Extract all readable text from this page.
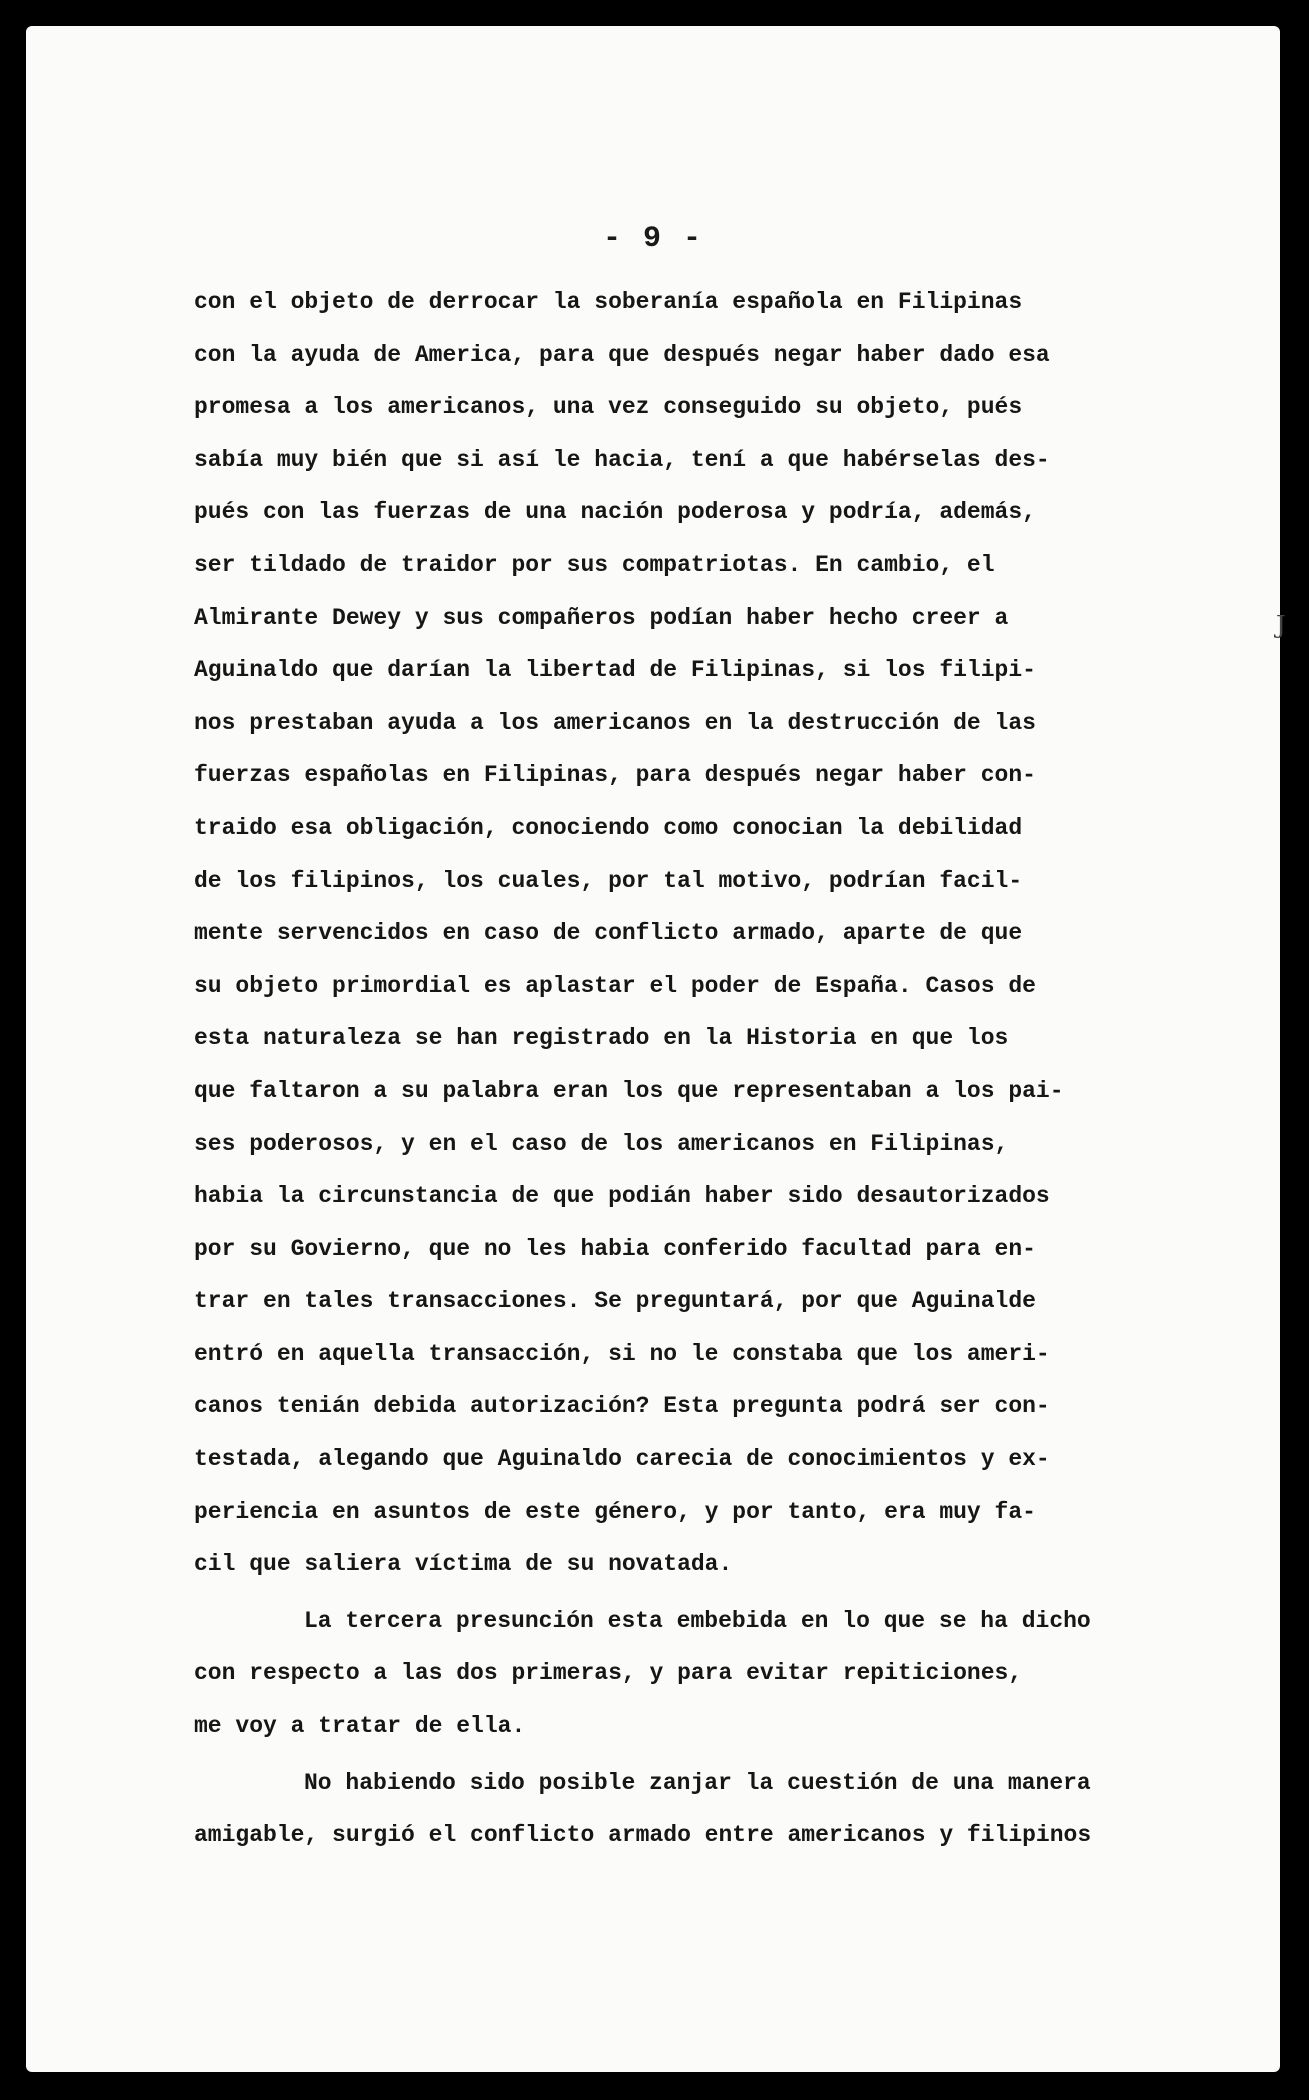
- 9 -
con el objeto de derrocar la soberanía española en Filipinas
con la ayuda de America, para que después negar haber dado esa
promesa a los americanos, una vez conseguido su objeto, pués
sabía muy bién que si así le hacia, tení a que habérselas des-
pués con las fuerzas de una nación poderosa y podría, además,
ser tildado de traidor por sus compatriotas. En cambio, el
Almirante Dewey y sus compañeros podían haber hecho creer a
Aguinaldo que darían la libertad de Filipinas, si los filipi-
nos prestaban ayuda a los americanos en la destrucción de las
fuerzas españolas en Filipinas, para después negar haber con-
traido esa obligación, conociendo como conocian la debilidad
de los filipinos, los cuales, por tal motivo, podrían facil-
mente servencidos en caso de conflicto armado, aparte de que
su objeto primordial es aplastar el poder de España. Casos de
esta naturaleza se han registrado en la Historia en que los
que faltaron a su palabra eran los que representaban a los pai-
ses poderosos, y en el caso de los americanos en Filipinas,
habia la circunstancia de que podián haber sido desautorizados
por su Govierno, que no les habia conferido facultad para en-
trar en tales transacciones. Se preguntará, por que Aguinalde
entró en aquella transacción, si no le constaba que los ameri-
canos tenián debida autorización? Esta pregunta podrá ser con-
testada, alegando que Aguinaldo carecia de conocimientos y ex-
periencia en asuntos de este género, y por tanto, era muy fa-
cil que saliera víctima de su novatada.
La tercera presunción esta embebida en lo que se ha dicho
con respecto a las dos primeras, y para evitar repiticiones,
me voy a tratar de ella.
No habiendo sido posible zanjar la cuestión de una manera
amigable, surgió el conflicto armado entre americanos y filipinos
J
